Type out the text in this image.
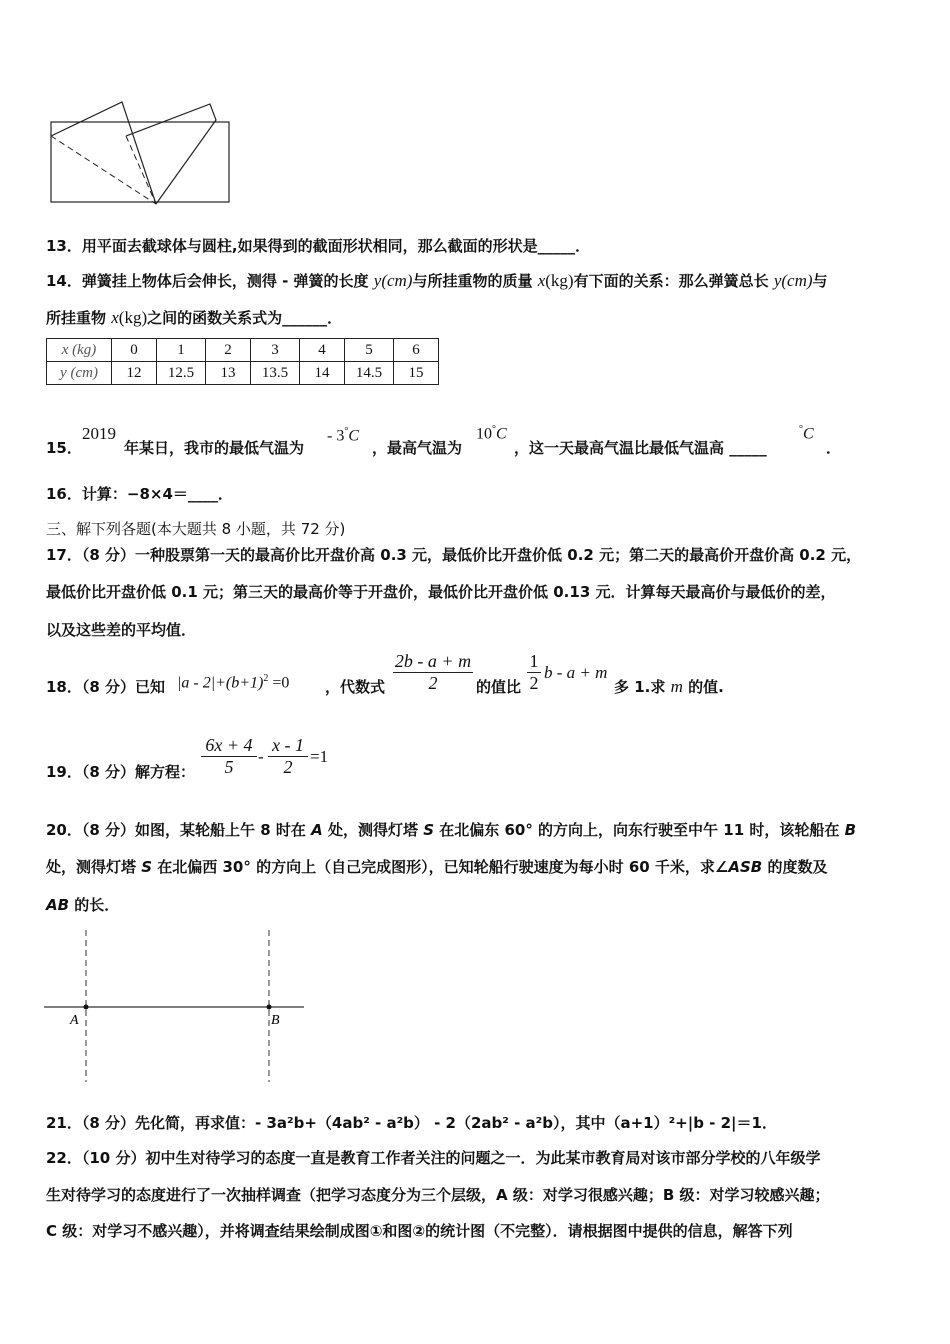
13．用平面去截球体与圆柱,如果得到的截面形状相同，那么截面的形状是_____．
14．弹簧挂上物体后会伸长，测得 - 弹簧的长度 y(cm)与所挂重物的质量 x(kg)有下面的关系：那么弹簧总长 y(cm)与
所挂重物 x(kg)之间的函数关系式为______．
x (kg)	0	1	2	3	4	5	6
y (cm)	12	12.5	13	13.5	14	14.5	15
15．
2019
年某日，我市的最低气温为
- 3°C
，最高气温为
10°C
，这一天最高气温比最低气温高 _____
°C
．
16．计算：−8×4＝____．
三、解下列各题(本大题共 8 小题，共 72 分)
17．（8 分）一种股票第一天的最高价比开盘价高 0.3 元，最低价比开盘价低 0.2 元；第二天的最高价开盘价高 0.2 元，
最低价比开盘价低 0.1 元；第三天的最高价等于开盘价，最低价比开盘价低 0.13 元．计算每天最高价与最低价的差，
以及这些差的平均值．
18．（8 分）已知 $|a - 2|+(b+1)^2 =0$ ，代数式 $\frac{2b - a + m}{2}$ 的值比 $\frac{1}{2}$ b - a + m
多 1.求 m 的值.
19．（8 分）解方程： $\frac{6x + 4}{5} - \frac{x - 1}{2} =1$
20．（8 分）如图，某轮船上午 8 时在 A 处，测得灯塔 S 在北偏东 60° 的方向上，向东行驶至中午 11 时，该轮船在 B
处，测得灯塔 S 在北偏西 30° 的方向上（自己完成图形），已知轮船行驶速度为每小时 60 千米，求∠ASB 的度数及
AB 的长．
A	B
21．（8 分）先化简，再求值：- 3a²b+（4ab² - a²b） - 2（2ab² - a²b），其中（a+1）²+|b - 2|＝1．
22．（10 分）初中生对待学习的态度一直是教育工作者关注的问题之一．为此某市教育局对该市部分学校的八年级学
生对待学习的态度进行了一次抽样调查（把学习态度分为三个层级，A 级：对学习很感兴趣；B 级：对学习较感兴趣；
C 级：对学习不感兴趣），并将调查结果绘制成图①和图②的统计图（不完整）．请根据图中提供的信息，解答下列
